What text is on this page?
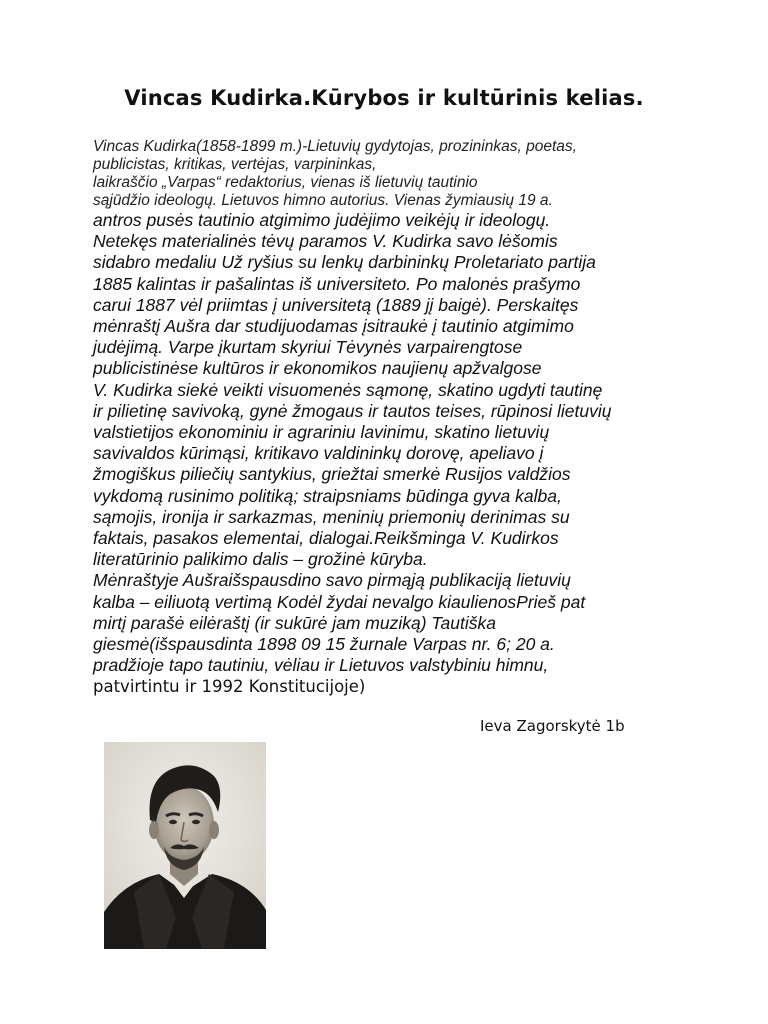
Vincas Kudirka.Kūrybos ir kultūrinis kelias.
Vincas Kudirka(1858-1899 m.)-Lietuvių gydytojas, prozininkas, poetas,
publicistas, kritikas, vertėjas, varpininkas,
laikraščio „Varpas“ redaktorius, vienas iš lietuvių tautinio
sąjūdžio ideologų. Lietuvos himno autorius. Vienas žymiausių 19 a.
antros pusės tautinio atgimimo judėjimo veikėjų ir ideologų.
Netekęs materialinės tėvų paramos V. Kudirka savo lėšomis
sidabro medaliu Už ryšius su lenkų darbininkų Proletariato partija
1885 kalintas ir pašalintas iš universiteto. Po malonės prašymo
carui 1887 vėl priimtas į universitetą (1889 jį baigė). Perskaitęs
mėnraštį Aušra dar studijuodamas įsitraukė į tautinio atgimimo
judėjimą. Varpe įkurtam skyriui Tėvynės varpairengtose
publicistinėse kultūros ir ekonomikos naujienų apžvalgose
V. Kudirka siekė veikti visuomenės sąmonę, skatino ugdyti tautinę
ir pilietinę savivoką, gynė žmogaus ir tautos teises, rūpinosi lietuvių
valstietijos ekonominiu ir agrariniu lavinimu, skatino lietuvių
savivaldos kūrimąsi, kritikavo valdininkų dorovę, apeliavo į
žmogiškus piliečių santykius, griežtai smerkė Rusijos valdžios
vykdomą rusinimo politiką; straipsniams būdinga gyva kalba,
sąmojis, ironija ir sarkazmas, meninių priemonių derinimas su
faktais, pasakos elementai, dialogai.Reikšminga V. Kudirkos
literatūrinio palikimo dalis – grožinė kūryba.
Mėnraštyje Aušraišspausdino savo pirmąją publikaciją lietuvių
kalba – eiliuotą vertimą Kodėl žydai nevalgo kiaulienosPrieš pat
mirtį parašė eilėraštį (ir sukūrė jam muziką) Tautiška
giesmė(išspausdinta 1898 09 15 žurnale Varpas nr. 6; 20 a.
pradžioje tapo tautiniu, vėliau ir Lietuvos valstybiniu himnu,
patvirtintu ir 1992 Konstitucijoje)
Ieva Zagorskytė 1b
